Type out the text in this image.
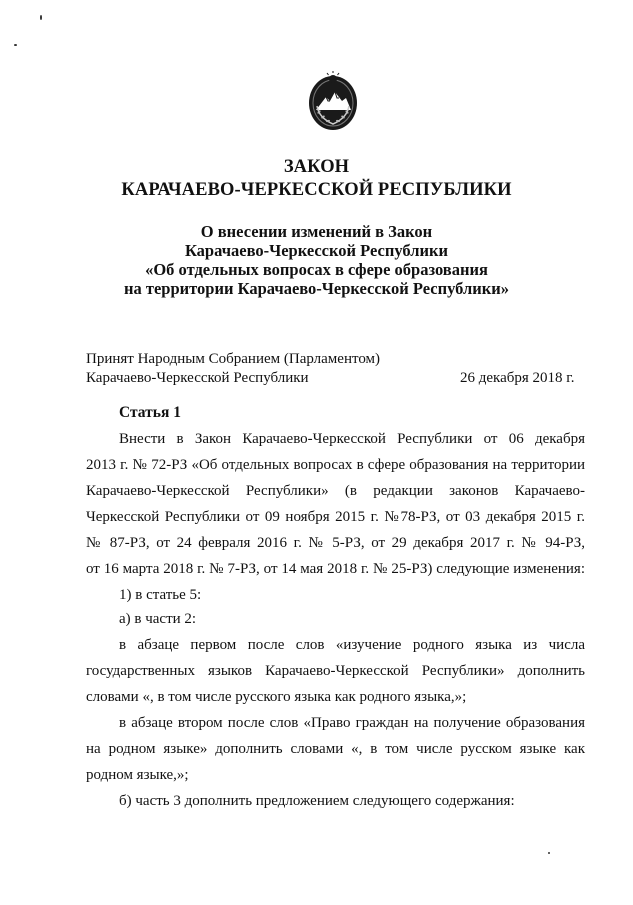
ЗАКОН
КАРАЧАЕВО-ЧЕРКЕССКОЙ РЕСПУБЛИКИ
О внесении изменений в Закон
Карачаево-Черкесской Республики
«Об отдельных вопросах в сфере образования
на территории Карачаево-Черкесской Республики»
Принят Народным Собранием (Парламентом)
Карачаево-Черкесской Республики	26 декабря 2018 г.
Статья 1
Внести в Закон Карачаево-Черкесской Республики от 06 декабря
2013 г. № 72-РЗ «Об отдельных вопросах в сфере образования на территории
Карачаево-Черкесской Республики» (в редакции законов Карачаево-
Черкесской Республики от 09 ноября 2015 г. №78-РЗ, от 03 декабря 2015 г.
№ 87-РЗ, от 24 февраля 2016 г. № 5-РЗ, от 29 декабря 2017 г. № 94-РЗ,
от 16 марта 2018 г. № 7-РЗ, от 14 мая 2018 г. № 25-РЗ) следующие изменения:
1) в статье 5:
а) в части 2:
в абзаце первом после слов «изучение родного языка из числа
государственных языков Карачаево-Черкесской Республики» дополнить
словами «, в том числе русского языка как родного языка,»;
в абзаце втором после слов «Право граждан на получение образования
на родном языке» дополнить словами «, в том числе русском языке как
родном языке,»;
б) часть 3 дополнить предложением следующего содержания:
